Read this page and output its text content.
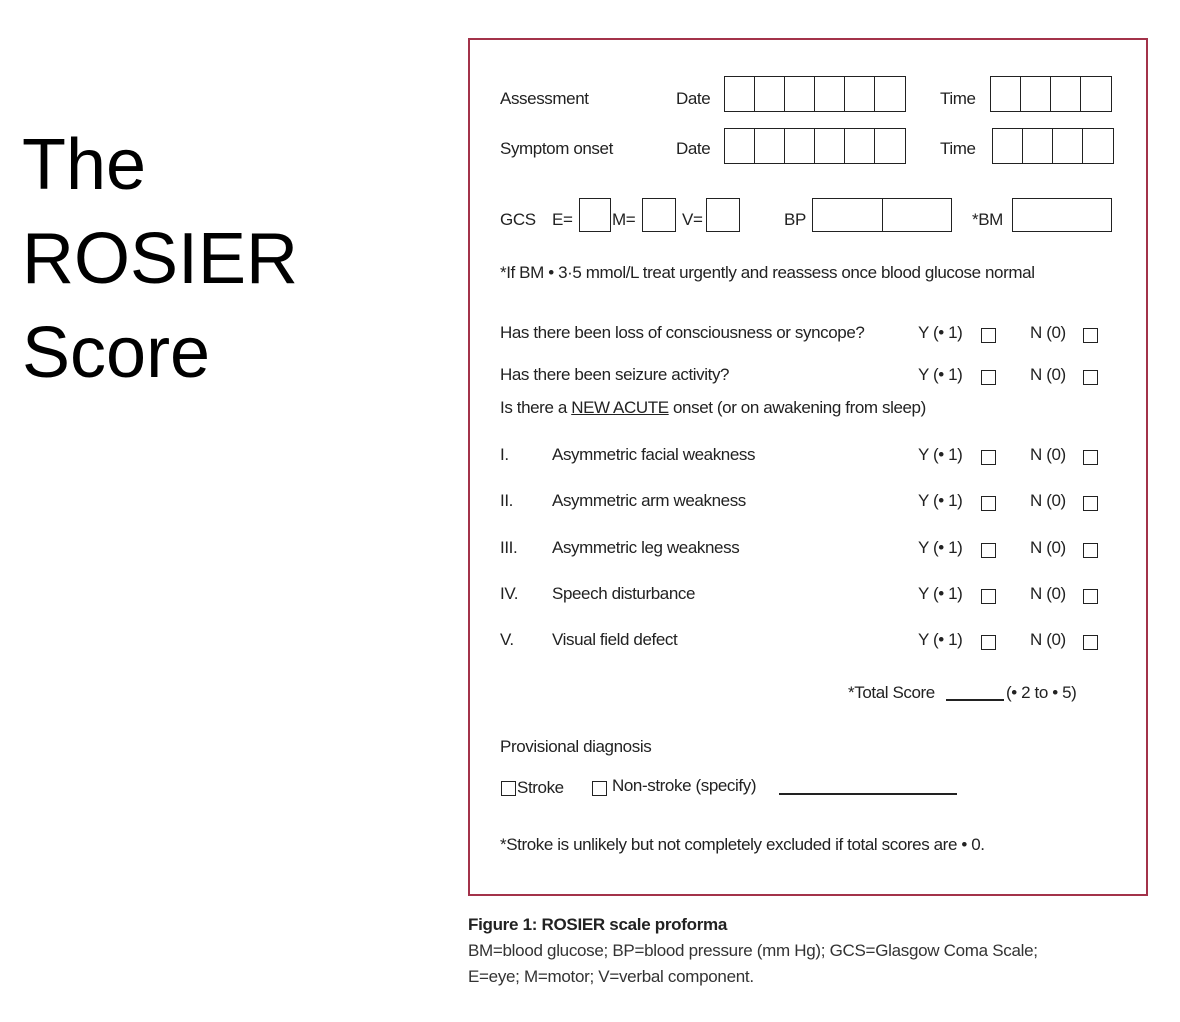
The
ROSIER
Score
Assessment	Date	Time
Symptom onset	Date	Time
GCS E= M=	V=	BP	*BM
*If BM • 3·5 mmol/L treat urgently and reassess once blood glucose normal
Has there been loss of consciousness or syncope?	Y (• 1)	N (0)
Has there been seizure activity?	Y (• 1)	N (0)
Is there a NEW ACUTE onset (or on awakening from sleep)
I.	Asymmetric facial weakness	Y (• 1)	N (0)
II. Asymmetric arm weakness	Y (• 1)	N (0)
III. Asymmetric leg weakness	Y (• 1)	N (0)
IV. Speech disturbance	Y (• 1)	N (0)
V. Visual field defect	Y (• 1)	N (0)
*Total Score	(• 2 to • 5)
Provisional diagnosis
Stroke	Non-stroke (specify)
*Stroke is unlikely but not completely excluded if total scores are • 0.
Figure 1: ROSIER scale proforma
BM=blood glucose; BP=blood pressure (mm Hg); GCS=Glasgow Coma Scale;
E=eye; M=motor; V=verbal component.
